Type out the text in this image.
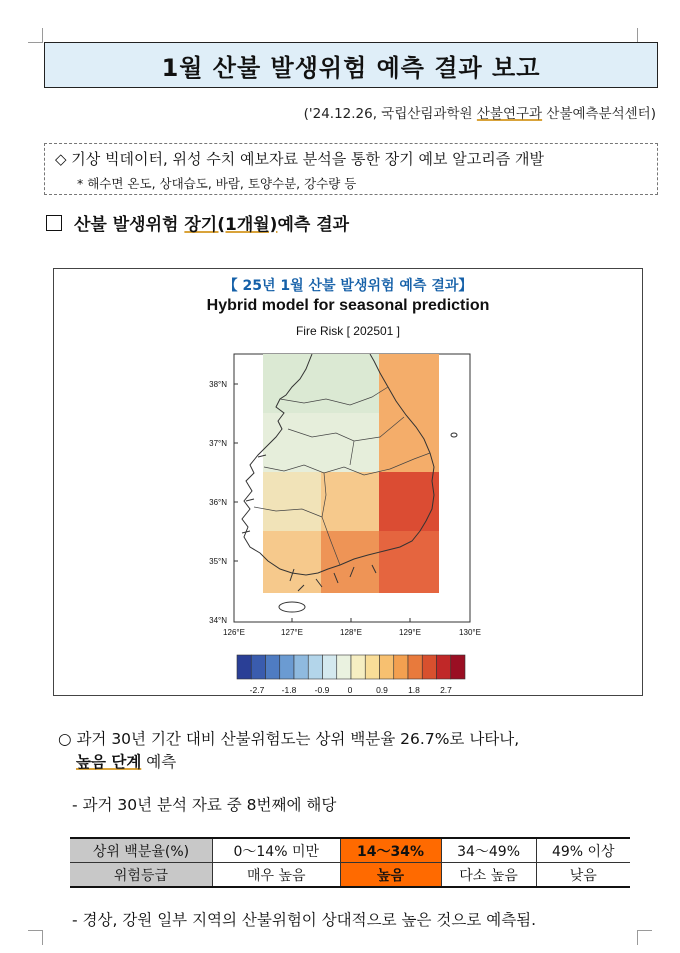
1월 산불 발생위험 예측 결과 보고
('24.12.26, 국립산림과학원 산불연구과 산불예측분석센터)
◇ 기상 빅데이터, 위성 수치 예보자료 분석을 통한 장기 예보 알고리즘 개발
* 해수면 온도, 상대습도, 바람, 토양수분, 강수량 등
산불 발생위험 장기(1개월) 예측 결과
【 25년 1월 산불 발생위험 예측 결과】
Hybrid model for seasonal prediction
Fire Risk [ 202501 ]
38°N
37°N
36°N
35°N
34°N
126°E	127°E	128°E	129°E	130°E
-2.7 -1.8 -0.9 0	0.9 1.8 2.7
○ 과거 30년 기간 대비 산불위험도는 상위 백분율 26.7%로 나타나,
높음 단계 예측
- 과거 30년 분석 자료 중 8번째에 해당
상위 백분율(%)	0～14% 미만	14～34%	34～49%	49% 이상
위험등급	매우 높음	높음	다소 높음	낮음
- 경상, 강원 일부 지역의 산불위험이 상대적으로 높은 것으로 예측됨.
